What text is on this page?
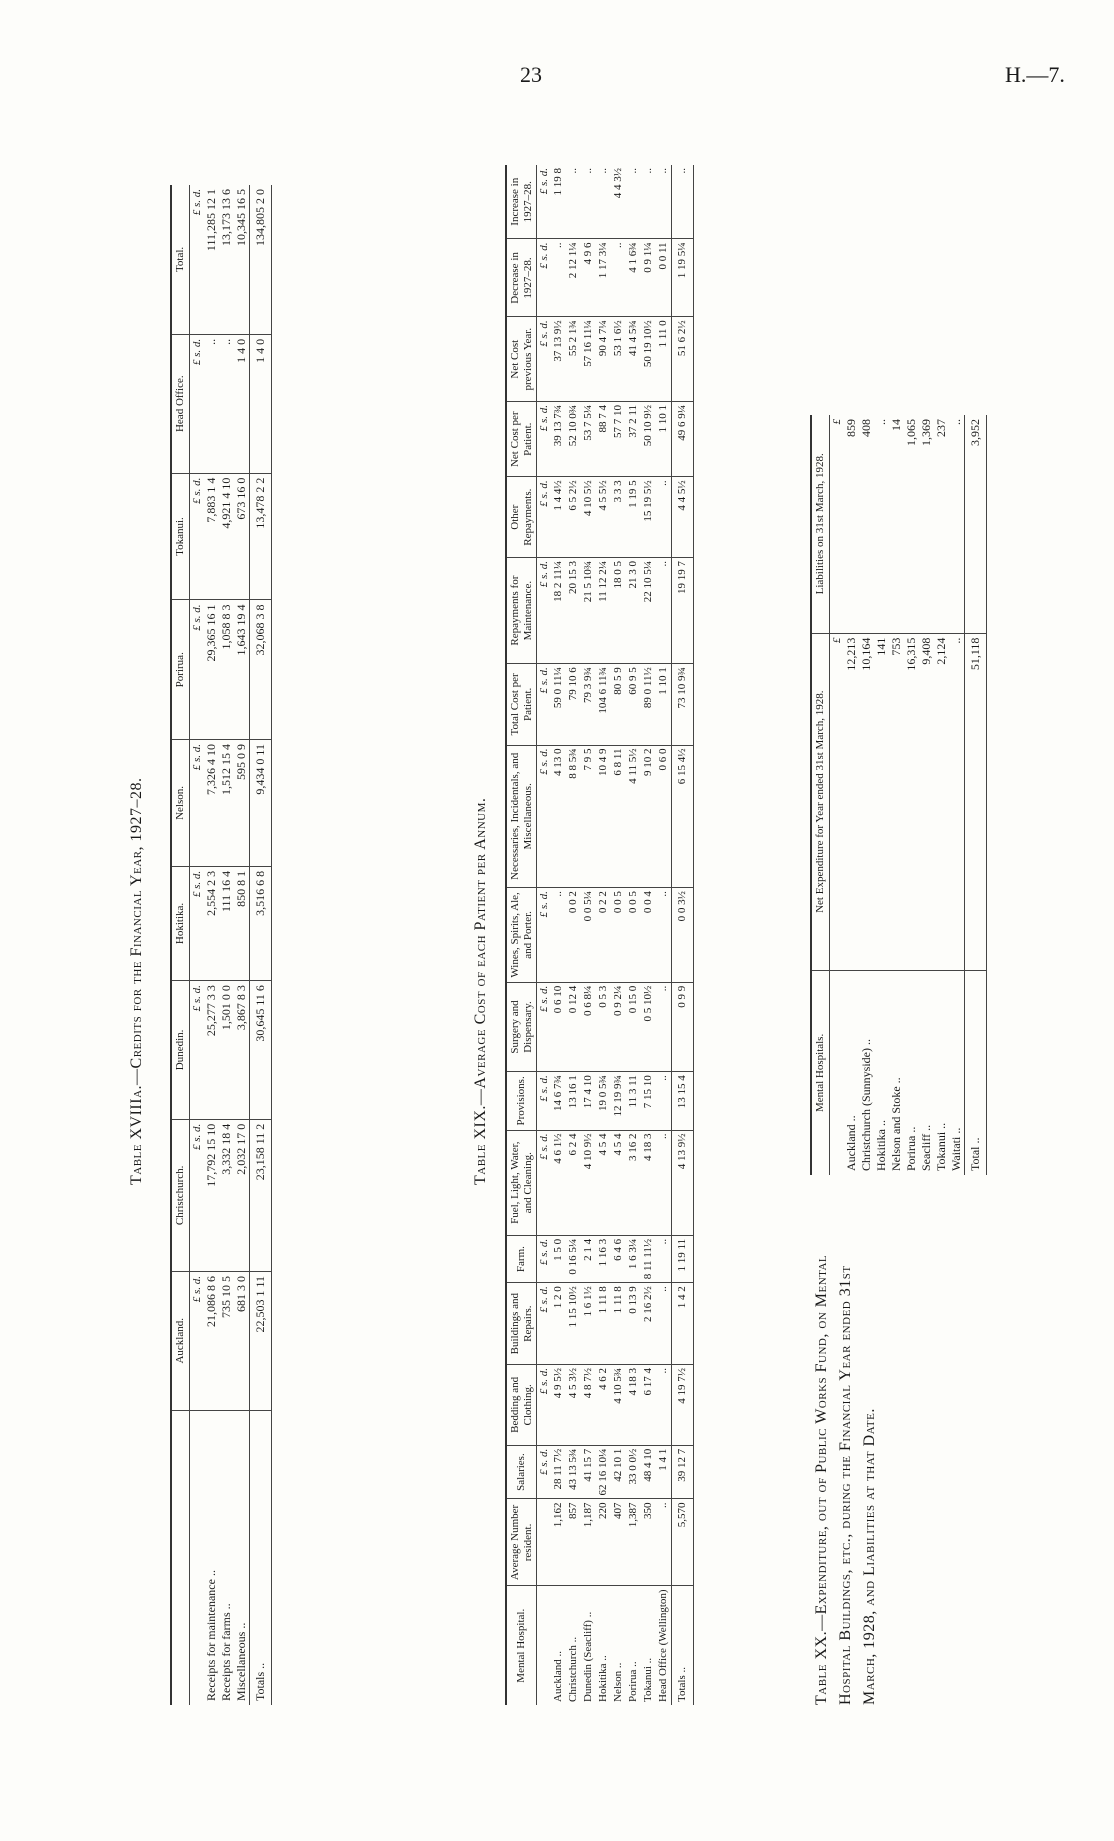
23	H.—7.
Table XVIIIa.—Credits for the Financial Year, 1927–28.
	Auckland.	Christchurch.	Dunedin.	Hokitika.	Nelson.	Porirua.	Tokanui.	Head Office.	Total.
	£ s. d.	£ s. d.	£ s. d.	£ s. d.	£ s. d.	£ s. d.	£ s. d.	£ s. d.	£ s. d.
Receipts for maintenance ..	21,086 8 6	17,792 15 10	25,277 3 3	2,554 2 3	7,326 4 10	29,365 16 1	7,883 1 4	..	111,285 12 1
Receipts for farms ..	735 10 5	3,332 18 4	1,501 0 0	111 16 4	1,512 15 4	1,058 8 3	4,921 4 10	..	13,173 13 6
Miscellaneous ..	681 3 0	2,032 17 0	3,867 8 3	850 8 1	595 0 9	1,643 19 4	673 16 0	1 4 0	10,345 16 5
Totals ..	22,503 1 11	23,158 11 2	30,645 11 6	3,516 6 8	9,434 0 11	32,068 3 8	13,478 2 2	1 4 0	134,805 2 0
Table XIX.—Average Cost of each Patient per Annum.
Mental Hospital.	Average Number resident.	Salaries.	Bedding and Clothing.	Buildings and Repairs.	Farm.	Fuel, Light, Water, and Cleaning.	Provisions.	Surgery and Dispensary.	Wines, Spirits, Ale, and Porter.	Necessaries, Incidentals, and Miscellaneous.	Total Cost per Patient.	Repayments for Maintenance.	Other Repayments.	Net Cost per Patient.	Net Cost previous Year.	Decrease in 1927–28.	Increase in 1927–28.
		£ s. d.	£ s. d.	£ s. d.	£ s. d.	£ s. d.	£ s. d.	£ s. d.	£ s. d.	£ s. d.	£ s. d.	£ s. d.	£ s. d.	£ s. d.	£ s. d.	£ s. d.	£ s. d.
Auckland ..	1,162	28 11 7½	4 9 5½	1 2 0	1 5 0	4 6 1½	14 6 7¾	0 6 10	..	4 13 0	59 0 11¼	18 2 11¼	1 4 4½	39 13 7¾	37 13 9½	..	1 19 8
Christchurch ..	857	43 13 5¾	4 5 3½	1 15 10½	0 16 5¼	6 2 4	13 16 1	0 12 4	0 0 2	8 8 5¾	79 10 6	20 15 3	6 5 2½	52 10 0¾	55 2 1¾	2 12 1¼	..
Dunedin (Seacliff) ..	1,187	41 15 7	4 8 7½	1 6 1½	2 1 4	4 10 9½	17 4 10	0 6 8¼	0 0 5¼	7 9 5	79 3 9¾	21 5 10¾	4 10 5½	53 7 5¼	57 16 11¼	4 9 6	..
Hokitika ..	220	62 16 10¼	4 6 2	1 11 8	1 16 3	4 5 4	19 0 5¾	0 5 3	0 2 2	10 4 9	104 6 11¾	11 12 2¼	4 5 5½	88 7 4	90 4 7¼	1 17 3¼	..
Nelson ..	407	42 10 1	4 10 5¾	1 11 8	6 4 6	4 5 4	12 19 9¾	0 9 2¼	0 0 5	6 8 11	80 5 9	18 0 5	3 3 3	57 7 10	53 1 6½	..	4 4 3½
Porirua ..	1,387	33 0 0½	4 18 3	0 13 9	1 6 3¼	3 16 2	11 3 11	0 15 0	0 0 5	4 11 5½	60 9 5	21 3 0	1 19 5	37 2 11	41 4 5¾	4 1 6¾	..
Tokanui ..	350	48 4 10	6 17 4	2 16 2½	8 11 11½	4 18 3	7 15 10	0 5 10½	0 0 4	9 10 2	89 0 11½	22 10 5¼	15 19 5½	50 10 9½	50 19 10½	0 9 1¼	..
Head Office (Wellington)	..	1 4 1	..	..	..	..	..	..	..	0 6 0	1 10 1	..	..	1 10 1	1 11 0	0 0 11	..
Totals ..	5,570	39 12 7	4 19 7½	1 4 2	1 19 11	4 13 9½	13 15 4	0 9 9	0 0 3½	6 15 4½	73 10 9¾	19 19 7	4 4 5½	49 6 9¼	51 6 2½	1 19 5¼	..
Table XX.—Expenditure, out of Public Works Fund, on Mental Hospital Buildings, etc., during the Financial Year ended 31st March, 1928, and Liabilities at that Date.
Mental Hospitals.	Net Expenditure for Year ended 31st March, 1928.	Liabilities on 31st March, 1928.
	£	£
Auckland ..	12,213	859
Christchurch (Sunnyside) ..	10,164	408
Hokitika ..	141	..
Nelson and Stoke ..	753	14
Porirua ..	16,315	1,065
Seacliff ..	9,408	1,369
Tokanui ..	2,124	237
Waitati ..	..	..
Total ..	51,118	3,952
